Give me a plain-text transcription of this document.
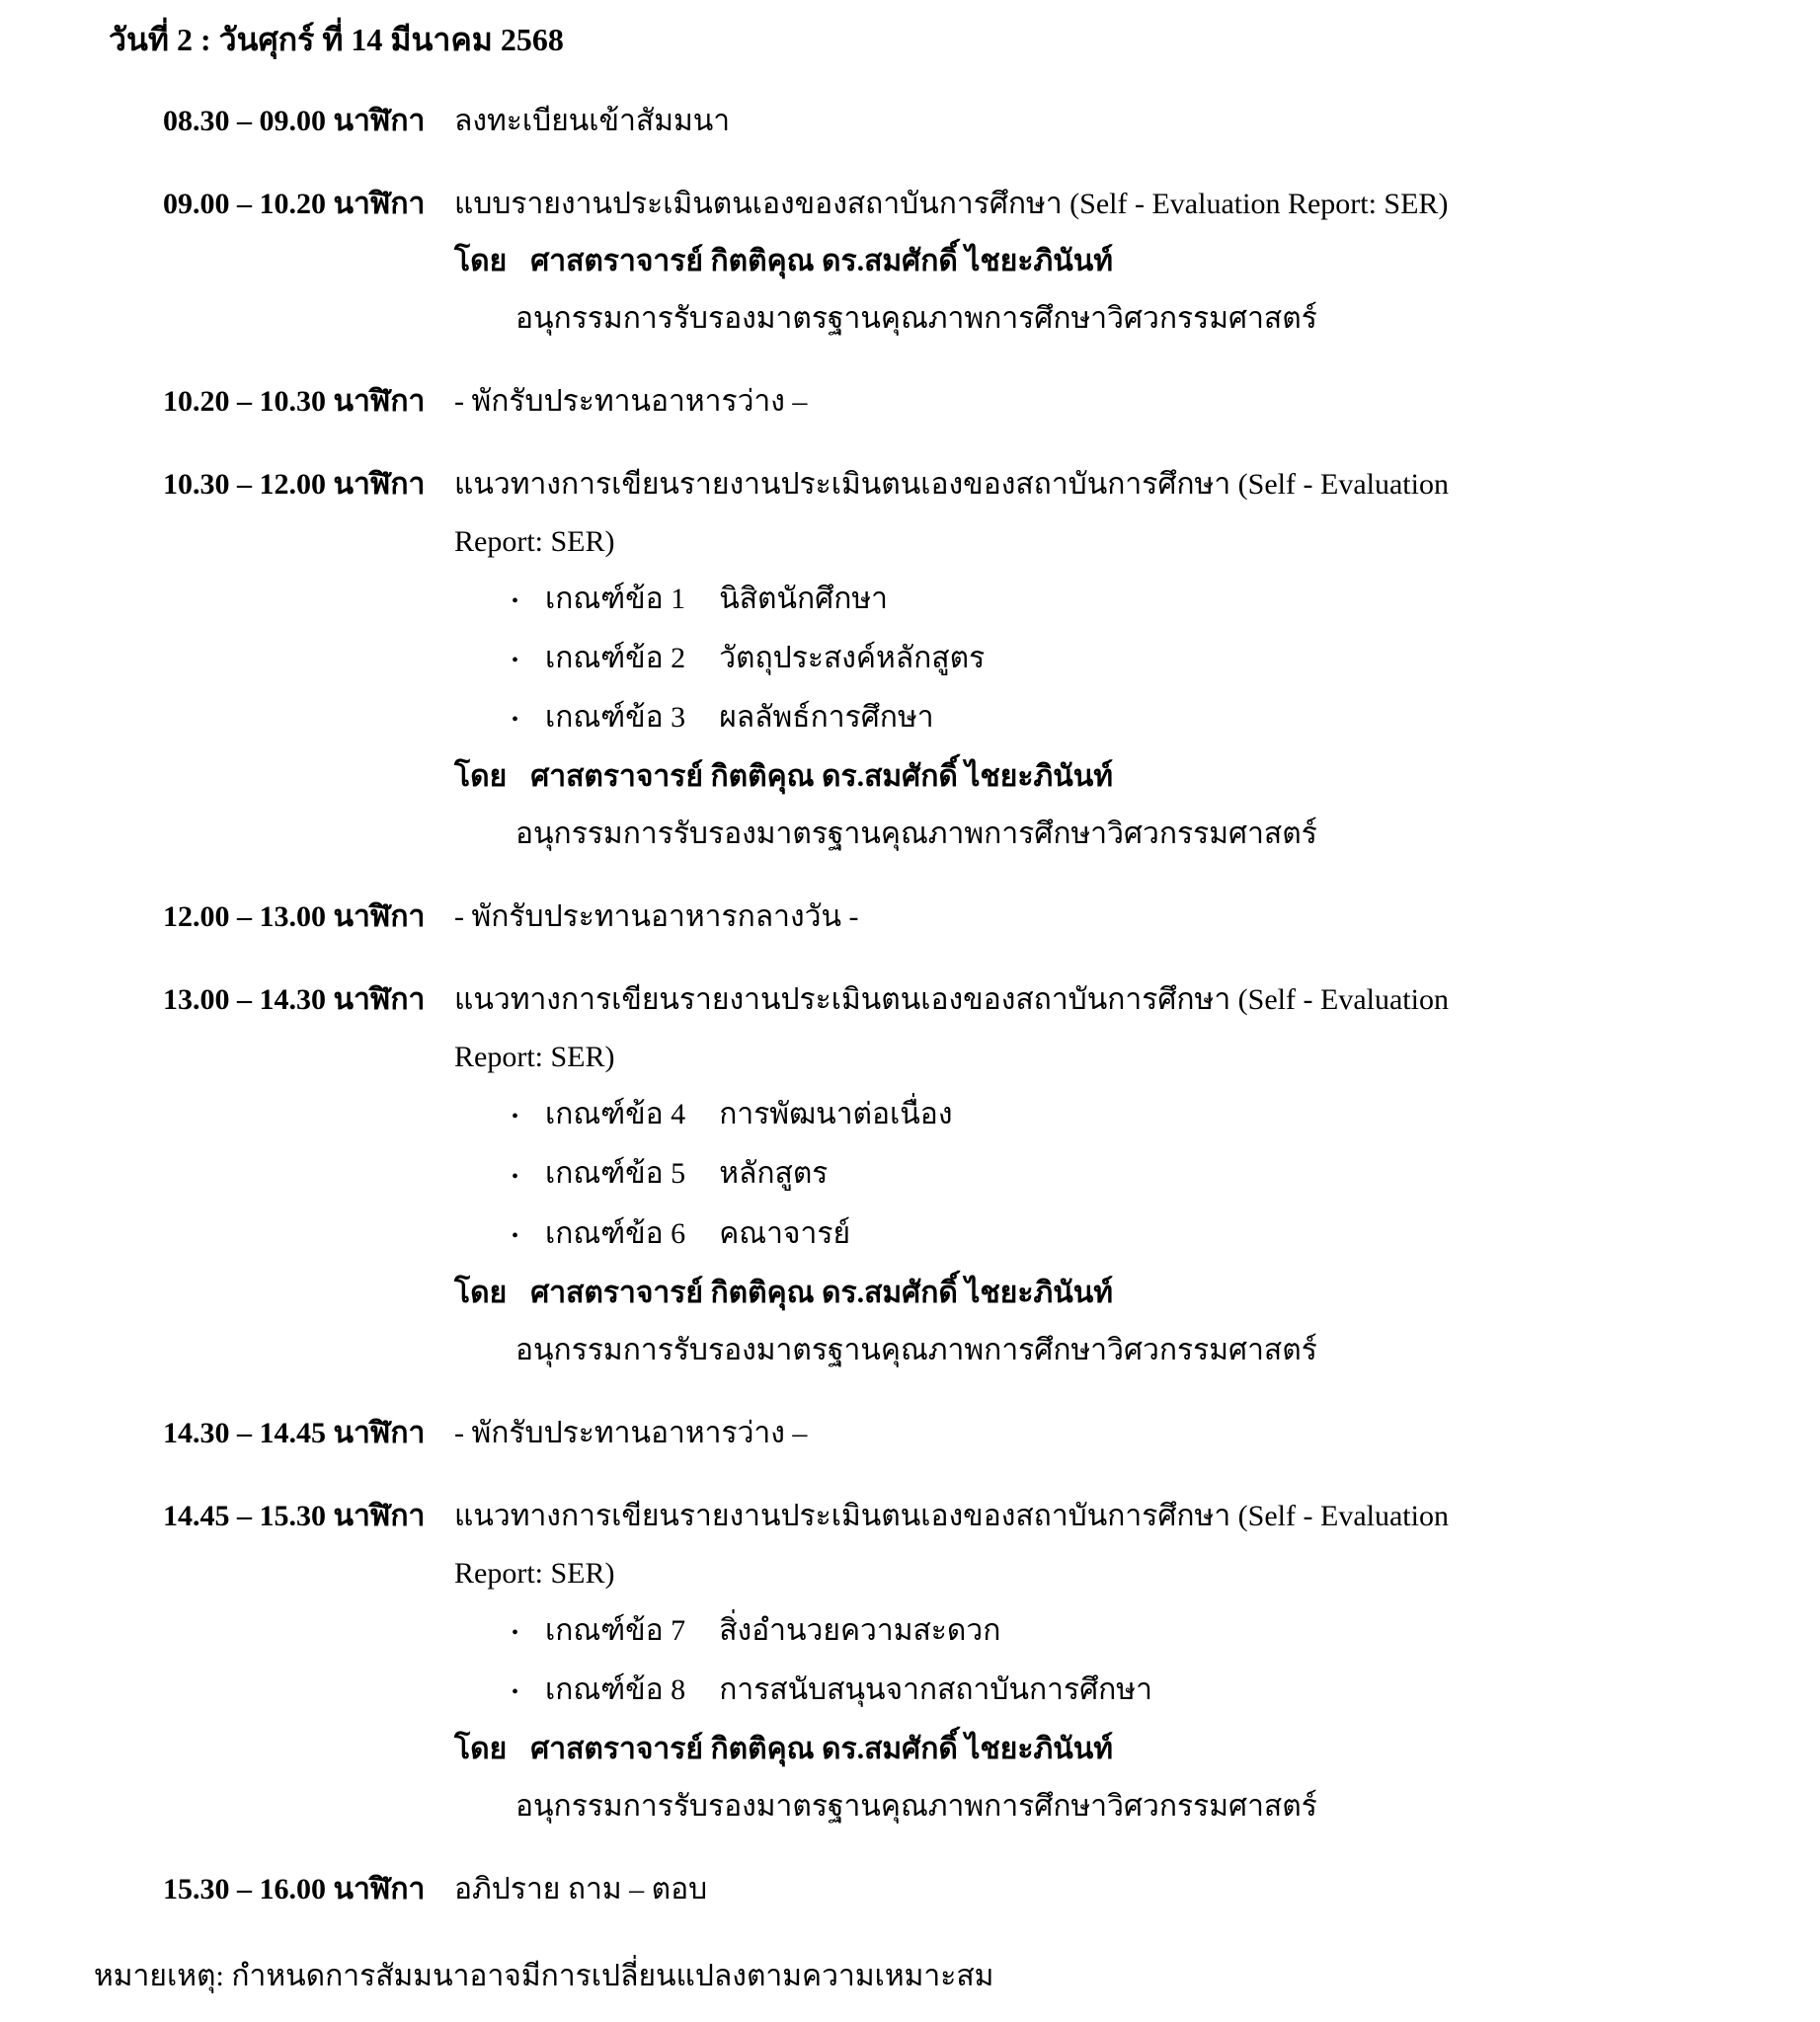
วันที่ 2 : วันศุกร์ ที่ 14 มีนาคม 2568
08.30 – 09.00 นาฬิกา ลงทะเบียนเข้าสัมมนา
09.00 – 10.20 นาฬิกา แบบรายงานประเมินตนเองของสถาบันการศึกษา (Self - Evaluation Report: SER)
โดย ศาสตราจารย์ กิตติคุณ ดร.สมศักดิ์ ไชยะภินันท์
อนุกรรมการรับรองมาตรฐานคุณภาพการศึกษาวิศวกรรมศาสตร์
10.20 – 10.30 นาฬิกา - พักรับประทานอาหารว่าง –
10.30 – 12.00 นาฬิกา แนวทางการเขียนรายงานประเมินตนเองของสถาบันการศึกษา (Self - Evaluation
Report: SER)
• เกณฑ์ข้อ 1 นิสิตนักศึกษา
• เกณฑ์ข้อ 2 วัตถุประสงค์หลักสูตร
• เกณฑ์ข้อ 3 ผลลัพธ์การศึกษา
โดย ศาสตราจารย์ กิตติคุณ ดร.สมศักดิ์ ไชยะภินันท์
อนุกรรมการรับรองมาตรฐานคุณภาพการศึกษาวิศวกรรมศาสตร์
12.00 – 13.00 นาฬิกา - พักรับประทานอาหารกลางวัน -
13.00 – 14.30 นาฬิกา แนวทางการเขียนรายงานประเมินตนเองของสถาบันการศึกษา (Self - Evaluation
Report: SER)
• เกณฑ์ข้อ 4 การพัฒนาต่อเนื่อง
• เกณฑ์ข้อ 5 หลักสูตร
• เกณฑ์ข้อ 6 คณาจารย์
โดย ศาสตราจารย์ กิตติคุณ ดร.สมศักดิ์ ไชยะภินันท์
อนุกรรมการรับรองมาตรฐานคุณภาพการศึกษาวิศวกรรมศาสตร์
14.30 – 14.45 นาฬิกา - พักรับประทานอาหารว่าง –
14.45 – 15.30 นาฬิกา แนวทางการเขียนรายงานประเมินตนเองของสถาบันการศึกษา (Self - Evaluation
Report: SER)
• เกณฑ์ข้อ 7 สิ่งอำนวยความสะดวก
• เกณฑ์ข้อ 8 การสนับสนุนจากสถาบันการศึกษา
โดย ศาสตราจารย์ กิตติคุณ ดร.สมศักดิ์ ไชยะภินันท์
อนุกรรมการรับรองมาตรฐานคุณภาพการศึกษาวิศวกรรมศาสตร์
15.30 – 16.00 นาฬิกา อภิปราย ถาม – ตอบ
หมายเหตุ: กำหนดการสัมมนาอาจมีการเปลี่ยนแปลงตามความเหมาะสม
